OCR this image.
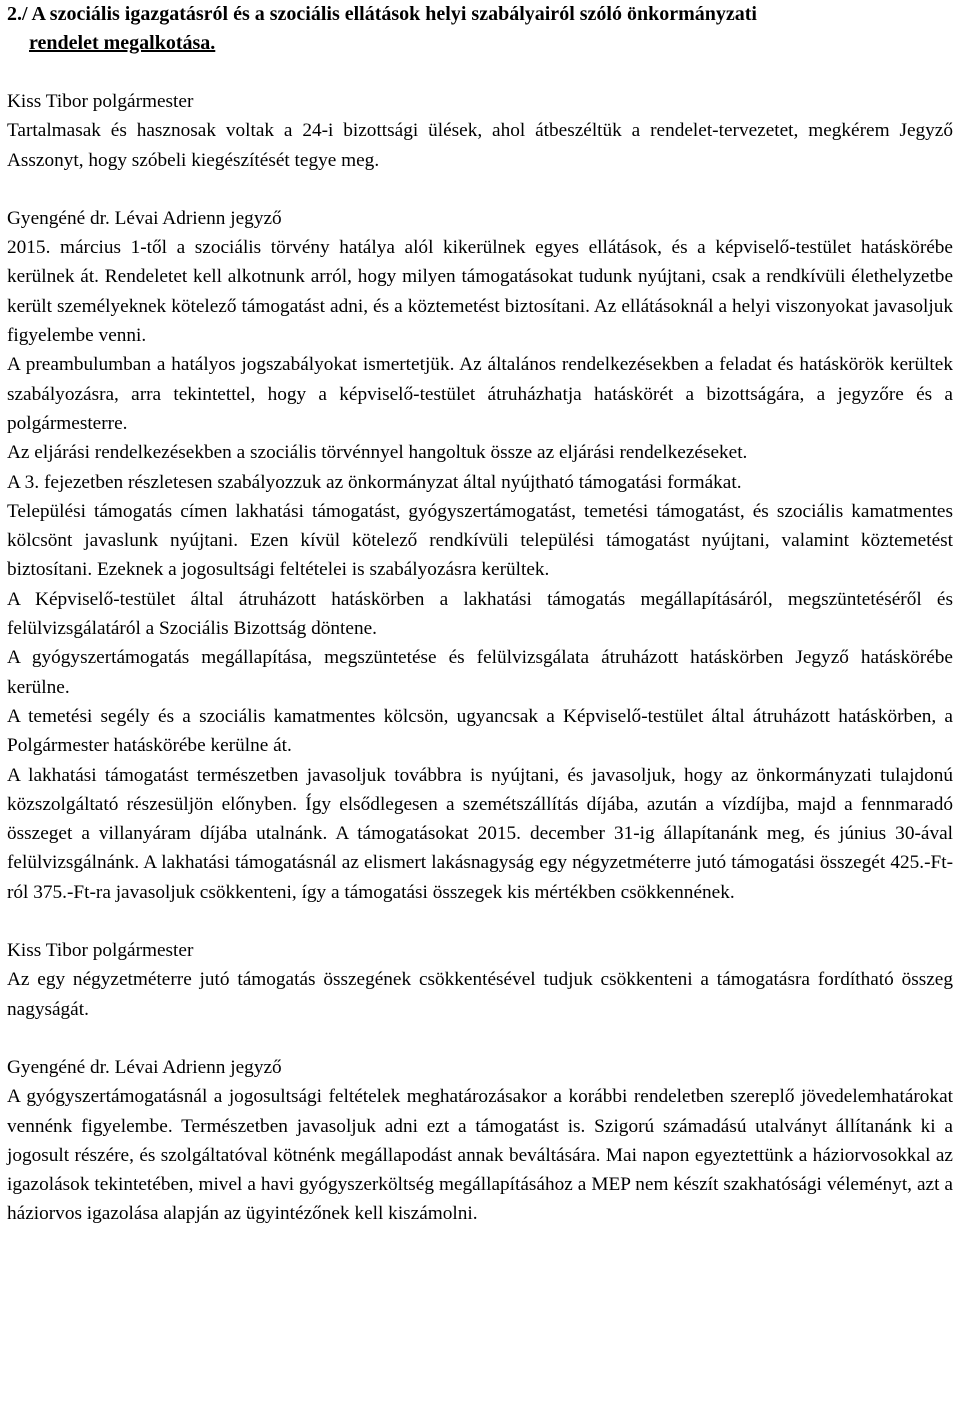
2./ A szociális igazgatásról és a szociális ellátások helyi szabályairól szóló önkormányzati
rendelet megalkotása.

Kiss Tibor polgármester

Tartalmasak és hasznosak voltak a 24-i bizottsági ülések, ahol átbeszéltük a rendelet-tervezetet, megkérem Jegyző Asszonyt, hogy szóbeli kiegészítését tegye meg.

Gyengéné dr. Lévai Adrienn jegyző

2015. március 1-től a szociális törvény hatálya alól kikerülnek egyes ellátások, és a képviselő-testület hatáskörébe kerülnek át. Rendeletet kell alkotnunk arról, hogy milyen támogatásokat tudunk nyújtani, csak a rendkívüli élethelyzetbe került személyeknek kötelező támogatást adni, és a köztemetést biztosítani. Az ellátásoknál a helyi viszonyokat javasoljuk figyelembe venni.

A preambulumban a hatályos jogszabályokat ismertetjük. Az általános rendelkezésekben a feladat és hatáskörök kerültek szabályozásra, arra tekintettel, hogy a képviselő-testület átruházhatja hatáskörét a bizottságára, a jegyzőre és a polgármesterre.

Az eljárási rendelkezésekben a szociális törvénnyel hangoltuk össze az eljárási rendelkezéseket.

A 3. fejezetben részletesen szabályozzuk az önkormányzat által nyújtható támogatási formákat.

Települési támogatás címen lakhatási támogatást, gyógyszertámogatást, temetési támogatást, és szociális kamatmentes kölcsönt javaslunk nyújtani. Ezen kívül kötelező rendkívüli települési támogatást nyújtani, valamint köztemetést biztosítani. Ezeknek a jogosultsági feltételei is szabályozásra kerültek.

A Képviselő-testület által átruházott hatáskörben a lakhatási támogatás megállapításáról, megszüntetéséről és felülvizsgálatáról a Szociális Bizottság döntene.

A gyógyszertámogatás megállapítása, megszüntetése és felülvizsgálata átruházott hatáskörben Jegyző hatáskörébe kerülne.

A temetési segély és a szociális kamatmentes kölcsön, ugyancsak a Képviselő-testület által átruházott hatáskörben, a Polgármester hatáskörébe kerülne át.

A lakhatási támogatást természetben javasoljuk továbbra is nyújtani, és javasoljuk, hogy az önkormányzati tulajdonú közszolgáltató részesüljön előnyben. Így elsődlegesen a szemétszállítás díjába, azután a vízdíjba, majd a fennmaradó összeget a villanyáram díjába utalnánk. A támogatásokat 2015. december 31-ig állapítanánk meg, és június 30-ával felülvizsgálnánk. A lakhatási támogatásnál az elismert lakásnagyság egy négyzetméterre jutó támogatási összegét 425.-Ft-ról 375.-Ft-ra javasoljuk csökkenteni, így a támogatási összegek kis mértékben csökkennének.

Kiss Tibor polgármester

Az egy négyzetméterre jutó támogatás összegének csökkentésével tudjuk csökkenteni a támogatásra fordítható összeg nagyságát.

Gyengéné dr. Lévai Adrienn jegyző

A gyógyszertámogatásnál a jogosultsági feltételek meghatározásakor a korábbi rendeletben szereplő jövedelemhatárokat vennénk figyelembe. Természetben javasoljuk adni ezt a támogatást is. Szigorú számadású utalványt állítanánk ki a jogosult részére, és szolgáltatóval kötnénk megállapodást annak beváltására. Mai napon egyeztettünk a háziorvosokkal az igazolások tekintetében, mivel a havi gyógyszerköltség megállapításához a MEP nem készít szakhatósági véleményt, azt a háziorvos igazolása alapján az ügyintézőnek kell kiszámolni.
